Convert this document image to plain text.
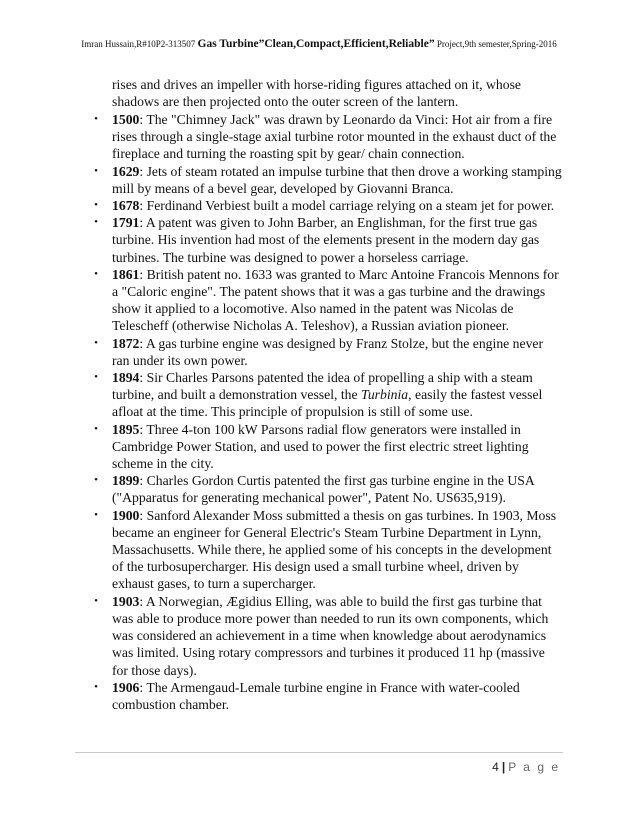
Imran Hussain,R#10P2-313507 Gas Turbine”Clean,Compact,Efficient,Reliable” Project,9th semester,Spring-2016
rises and drives an impeller with horse-riding figures attached on it, whose shadows are then projected onto the outer screen of the lantern.
• 1500: The "Chimney Jack" was drawn by Leonardo da Vinci: Hot air from a fire rises through a single-stage axial turbine rotor mounted in the exhaust duct of the fireplace and turning the roasting spit by gear/ chain connection.
• 1629: Jets of steam rotated an impulse turbine that then drove a working stamping mill by means of a bevel gear, developed by Giovanni Branca.
• 1678: Ferdinand Verbiest built a model carriage relying on a steam jet for power.
• 1791: A patent was given to John Barber, an Englishman, for the first true gas turbine. His invention had most of the elements present in the modern day gas turbines. The turbine was designed to power a horseless carriage.
• 1861: British patent no. 1633 was granted to Marc Antoine Francois Mennons for a "Caloric engine". The patent shows that it was a gas turbine and the drawings show it applied to a locomotive. Also named in the patent was Nicolas de Telescheff (otherwise Nicholas A. Teleshov), a Russian aviation pioneer.
• 1872: A gas turbine engine was designed by Franz Stolze, but the engine never ran under its own power.
• 1894: Sir Charles Parsons patented the idea of propelling a ship with a steam turbine, and built a demonstration vessel, the Turbinia, easily the fastest vessel afloat at the time. This principle of propulsion is still of some use.
• 1895: Three 4-ton 100 kW Parsons radial flow generators were installed in Cambridge Power Station, and used to power the first electric street lighting scheme in the city.
• 1899: Charles Gordon Curtis patented the first gas turbine engine in the USA ("Apparatus for generating mechanical power", Patent No. US635,919).
• 1900: Sanford Alexander Moss submitted a thesis on gas turbines. In 1903, Moss became an engineer for General Electric's Steam Turbine Department in Lynn, Massachusetts. While there, he applied some of his concepts in the development of the turbosupercharger. His design used a small turbine wheel, driven by exhaust gases, to turn a supercharger.
• 1903: A Norwegian, Ægidius Elling, was able to build the first gas turbine that was able to produce more power than needed to run its own components, which was considered an achievement in a time when knowledge about aerodynamics was limited. Using rotary compressors and turbines it produced 11 hp (massive for those days).
• 1906: The Armengaud-Lemale turbine engine in France with water-cooled combustion chamber.
4 | P a g e
